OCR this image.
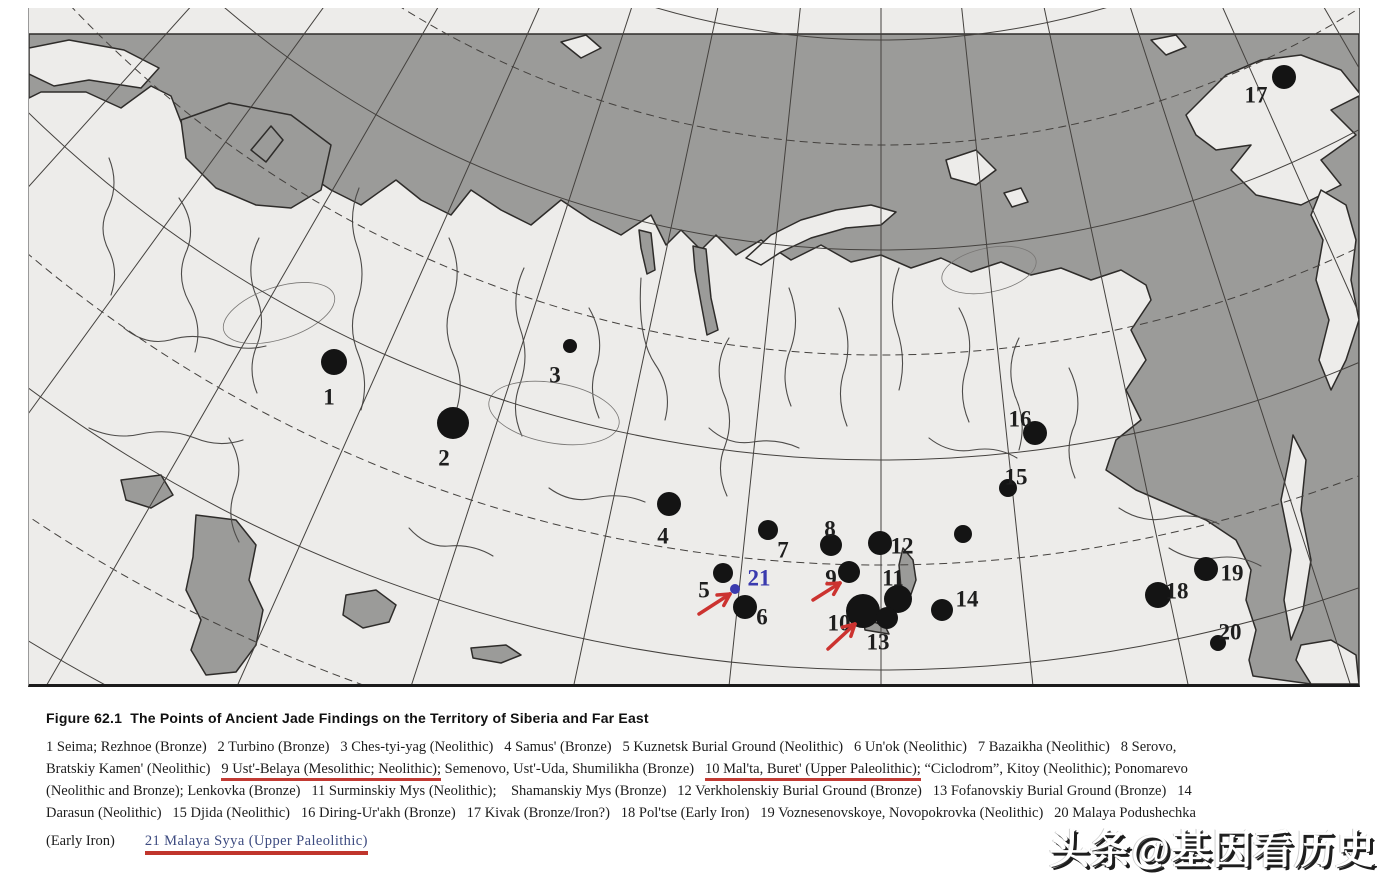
1
2
3
4
5
6
7
8
9
10
11
12
13
14
15
16
17
18
19
20
21
Figure 62.1  The Points of Ancient Jade Findings on the Territory of Siberia and Far East
1 Seima; Rezhnoe (Bronze)   2 Turbino (Bronze)   3 Ches-tyi-yag (Neolithic)   4 Samus' (Bronze)   5 Kuznetsk Burial Ground (Neolithic)   6 Un'ok (Neolithic)   7 Bazaikha (Neolithic)   8 Serovo,
Bratskiy Kamen' (Neolithic)   9 Ust'-Belaya (Mesolithic; Neolithic); Semenovo, Ust'-Uda, Shumilikha (Bronze)   10 Mal'ta, Buret' (Upper Paleolithic); “Ciclodrom”, Kitoy (Neolithic); Ponomarevo
(Neolithic and Bronze); Lenkovka (Bronze)   11 Surminskiy Mys (Neolithic);    Shamanskiy Mys (Bronze)   12 Verkholenskiy Burial Ground (Bronze)   13 Fofanovskiy Burial Ground (Bronze)   14
Darasun (Neolithic)   15 Djida (Neolithic)   16 Diring-Ur'akh (Bronze)   17 Kivak (Bronze/Iron?)   18 Pol'tse (Early Iron)   19 Voznesenovskoye, Novopokrovka (Neolithic)   20 Malaya Podushechka
(Early Iron) 21 Malaya Syya (Upper Paleolithic)	头条@基因看历史
